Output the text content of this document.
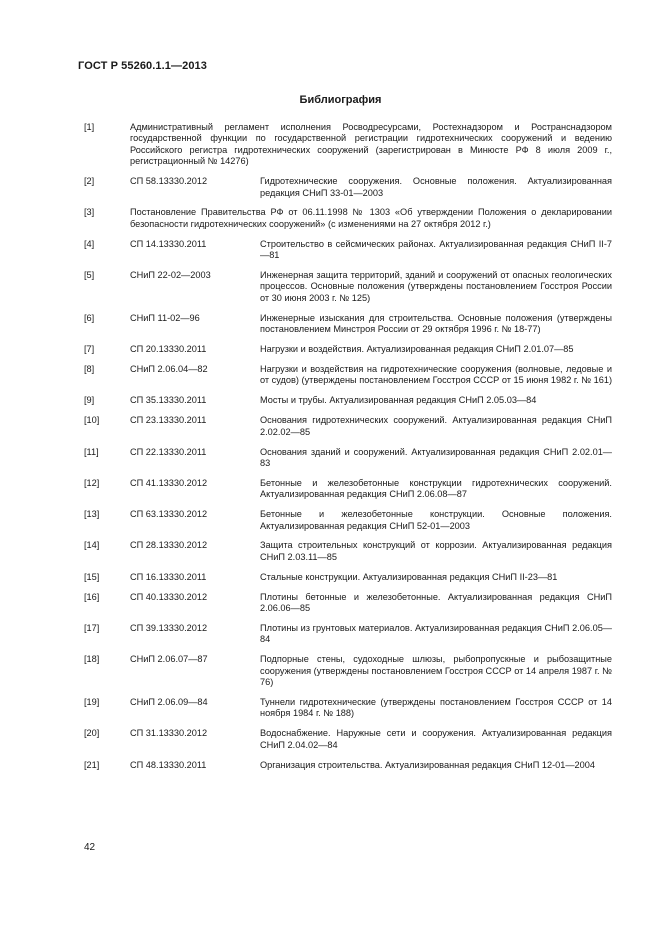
ГОСТ Р 55260.1.1—2013
Библиография
[1]	Административный регламент исполнения Росводресурсами, Ростехнадзором и Ространснадзором государственной функции по государственной регистрации гидротехнических сооружений и ведению Российского регистра гидротехнических сооружений (зарегистрирован в Минюсте РФ 8 июля 2009 г., регистрационный № 14276)
[2]	СП 58.13330.2012	Гидротехнические сооружения. Основные положения. Актуализированная редакция СНиП 33-01—2003
[3]	Постановление Правительства РФ от 06.11.1998 № 1303 «Об утверждении Положения о декларировании безопасности гидротехнических сооружений» (с изменениями на 27 октября 2012 г.)
[4]	СП 14.13330.2011	Строительство в сейсмических районах. Актуализированная редакция СНиП II-7—81
[5]	СНиП 22-02—2003	Инженерная защита территорий, зданий и сооружений от опасных геологических процессов. Основные положения (утверждены постановлением Госстроя России от 30 июня 2003 г. № 125)
[6]	СНиП 11-02—96	Инженерные изыскания для строительства. Основные положения (утверждены постановлением Минстроя России от 29 октября 1996 г. № 18-77)
[7]	СП 20.13330.2011	Нагрузки и воздействия. Актуализированная редакция СНиП 2.01.07—85
[8]	СНиП 2.06.04—82	Нагрузки и воздействия на гидротехнические сооружения (волновые, ледовые и от судов) (утверждены постановлением Госстроя СССР от 15 июня 1982 г. № 161)
[9]	СП 35.13330.2011	Мосты и трубы. Актуализированная редакция СНиП 2.05.03—84
[10]	СП 23.13330.2011	Основания гидротехнических сооружений. Актуализированная редакция СНиП 2.02.02—85
[11]	СП 22.13330.2011	Основания зданий и сооружений. Актуализированная редакция СНиП 2.02.01—83
[12]	СП 41.13330.2012	Бетонные и железобетонные конструкции гидротехнических сооружений. Актуализированная редакция СНиП 2.06.08—87
[13]	СП 63.13330.2012	Бетонные и железобетонные конструкции. Основные положения. Актуализированная редакция СНиП 52-01—2003
[14]	СП 28.13330.2012	Защита строительных конструкций от коррозии. Актуализированная редакция СНиП 2.03.11—85
[15]	СП 16.13330.2011	Стальные конструкции. Актуализированная редакция СНиП II-23—81
[16]	СП 40.13330.2012	Плотины бетонные и железобетонные. Актуализированная редакция СНиП 2.06.06—85
[17]	СП 39.13330.2012	Плотины из грунтовых материалов. Актуализированная редакция СНиП 2.06.05—84
[18]	СНиП 2.06.07—87	Подпорные стены, судоходные шлюзы, рыбопропускные и рыбозащитные сооружения (утверждены постановлением Госстроя СССР от 14 апреля 1987 г. № 76)
[19]	СНиП 2.06.09—84	Туннели гидротехнические (утверждены постановлением Госстроя СССР от 14 ноября 1984 г. № 188)
[20]	СП 31.13330.2012	Водоснабжение. Наружные сети и сооружения. Актуализированная редакция СНиП 2.04.02—84
[21]	СП 48.13330.2011	Организация строительства. Актуализированная редакция СНиП 12-01—2004
42
